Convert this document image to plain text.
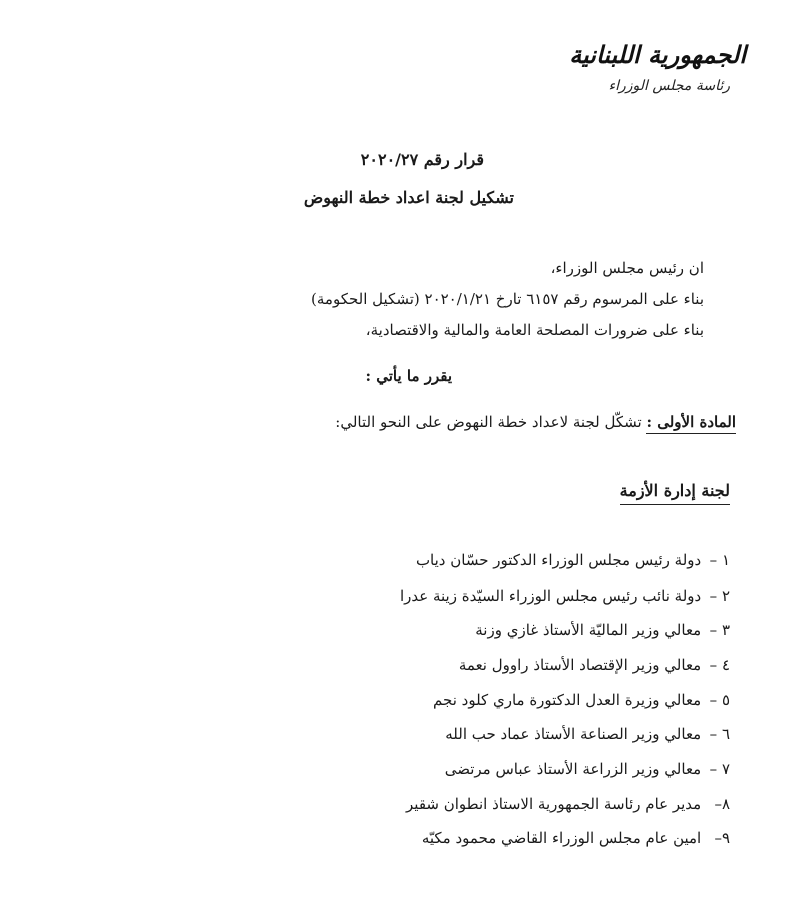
الجمهورية اللبنانية
رئاسة مجلس الوزراء
قرار رقم ٢٠٢٠/٢٧
تشكيل لجنة اعداد خطة النهوض
ان رئيس مجلس الوزراء،
بناء على المرسوم رقم ٦١٥٧ تارخ ٢٠٢٠/١/٢١ (تشكيل الحكومة)
بناء على ضرورات المصلحة العامة والمالية والاقتصادية،
يقرر ما يأتي :
المادة الأولى : تشكّل لجنة لاعداد خطة النهوض على النحو التالي:
لجنة إدارة الأزمة
١ – دولة رئيس مجلس الوزراء الدكتور حسّان دياب
٢ – دولة نائب رئيس مجلس الوزراء السيّدة زينة عدرا
٣ – معالي وزير الماليّة الأستاذ غازي وزنة
٤ – معالي وزير الإقتصاد الأستاذ راوول نعمة
٥ – معالي وزيرة العدل الدكتورة ماري كلود نجم
٦ – معالي وزير الصناعة الأستاذ عماد حب الله
٧ – معالي وزير الزراعة الأستاذ عباس مرتضى
٨– مدير عام رئاسة الجمهورية الاستاذ انطوان شقير
٩– امين عام مجلس الوزراء القاضي محمود مكيّه
